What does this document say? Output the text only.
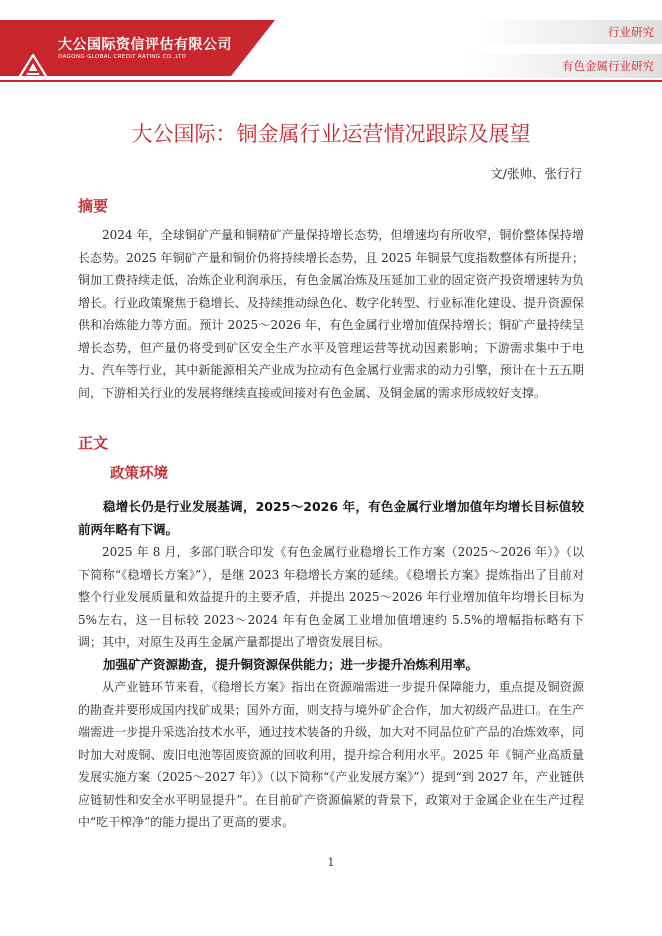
大公国际资信评估有限公司
DAGONG GLOBAL CREDIT RATING CO.,LTD
行业研究
有色金属行业研究
大公国际：铜金属行业运营情况跟踪及展望
文/张帅、张行行
摘要

2024 年，全球铜矿产量和铜精矿产量保持增长态势，但增速均有所收窄，铜价整体保持增长态势。2025 年铜矿产量和铜价仍将持续增长态势，且 2025 年铜景气度指数整体有所提升；铜加工费持续走低，冶炼企业利润承压，有色金属冶炼及压延加工业的固定资产投资增速转为负增长。行业政策聚焦于稳增长、及持续推动绿色化、数字化转型、行业标准化建设、提升资源保供和冶炼能力等方面。预计 2025～2026 年，有色金属行业增加值保持增长；铜矿产量持续呈增长态势，但产量仍将受到矿区安全生产水平及管理运营等扰动因素影响；下游需求集中于电力、汽车等行业，其中新能源相关产业成为拉动有色金属行业需求的动力引擎，预计在十五五期间，下游相关行业的发展将继续直接或间接对有色金属、及铜金属的需求形成较好支撑。

正文
政策环境

稳增长仍是行业发展基调，2025～2026 年，有色金属行业增加值年均增长目标值较前两年略有下调。

2025 年 8 月，多部门联合印发《有色金属行业稳增长工作方案（2025～2026 年）》（以下简称“《稳增长方案》”），是继 2023 年稳增长方案的延续。《稳增长方案》提炼指出了目前对整个行业发展质量和效益提升的主要矛盾，并提出 2025～2026 年行业增加值年均增长目标为 5%左右，这一目标较 2023～2024 年有色金属工业增加值增速约 5.5%的增幅指标略有下调；其中，对原生及再生金属产量都提出了增资发展目标。

加强矿产资源勘查，提升铜资源保供能力；进一步提升冶炼利用率。

从产业链环节来看，《稳增长方案》指出在资源端需进一步提升保障能力，重点提及铜资源的勘查并要形成国内找矿成果；国外方面，则支持与境外矿企合作，加大初级产品进口。在生产端需进一步提升采选冶技术水平，通过技术装备的升级，加大对不同品位矿产品的冶炼效率，同时加大对废铜、废旧电池等固废资源的回收利用，提升综合利用水平。2025 年《铜产业高质量发展实施方案（2025～2027 年）》（以下简称“《产业发展方案》”）提到“到 2027 年，产业链供应链韧性和安全水平明显提升”。在目前矿产资源偏紧的背景下，政策对于金属企业在生产过程中“吃干榨净”的能力提出了更高的要求。

1
